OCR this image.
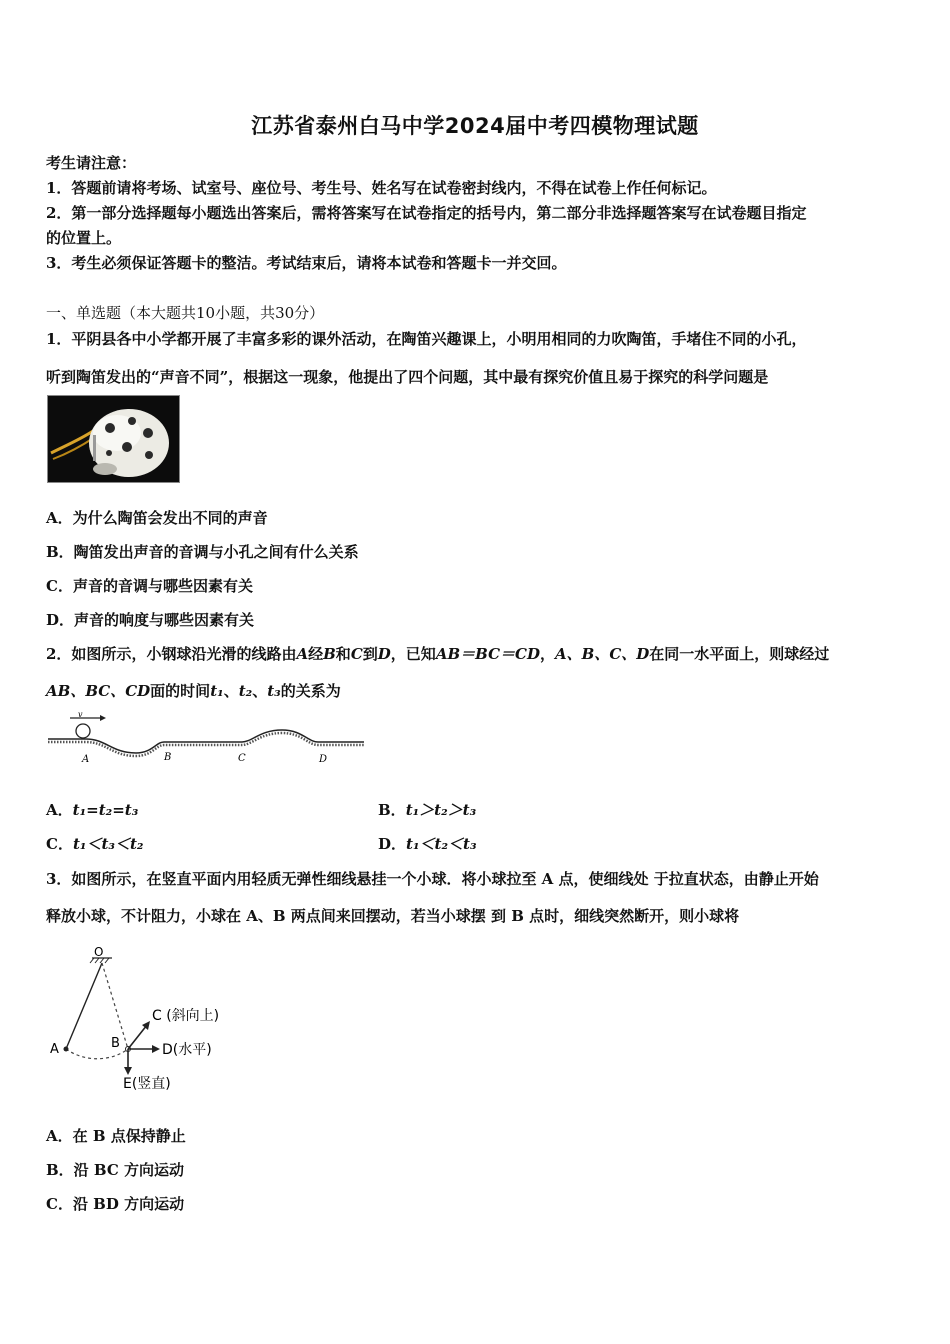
江苏省泰州白马中学2024届中考四模物理试题
考生请注意：
1．答题前请将考场、试室号、座位号、考生号、姓名写在试卷密封线内，不得在试卷上作任何标记。
2．第一部分选择题每小题选出答案后，需将答案写在试卷指定的括号内，第二部分非选择题答案写在试卷题目指定
的位置上。
3．考生必须保证答题卡的整洁。考试结束后，请将本试卷和答题卡一并交回。
一、单选题（本大题共10小题，共30分）
1．平阴县各中小学都开展了丰富多彩的课外活动，在陶笛兴趣课上，小明用相同的力吹陶笛，手堵住不同的小孔，
听到陶笛发出的“声音不同”，根据这一现象，他提出了四个问题，其中最有探究价值且易于探究的科学问题是
A．为什么陶笛会发出不同的声音
B．陶笛发出声音的音调与小孔之间有什么关系
C．声音的音调与哪些因素有关
D．声音的响度与哪些因素有关
2．如图所示，小钢球沿光滑的线路由A经B和C到D，已知AB＝BC＝CD，A、B、C、D在同一水平面上，则球经过
AB、BC、CD面的时间t₁、t₂、t₃的关系为
v
A	B	C	D
A．t₁=t₂=t₃	B．t₁＞t₂＞t₃
C．t₁＜t₃＜t₂	D．t₁＜t₂＜t₃
3．如图所示，在竖直平面内用轻质无弹性细线悬挂一个小球．将小球拉至 A 点，使细线处 于拉直状态，由静止开始
释放小球，不计阻力，小球在 A、B 两点间来回摆动，若当小球摆 到 B 点时，细线突然断开，则小球将
O
A	B
C (斜向上)
D(水平)
E(竖直)
A．在 B 点保持静止
B．沿 BC 方向运动
C．沿 BD 方向运动
